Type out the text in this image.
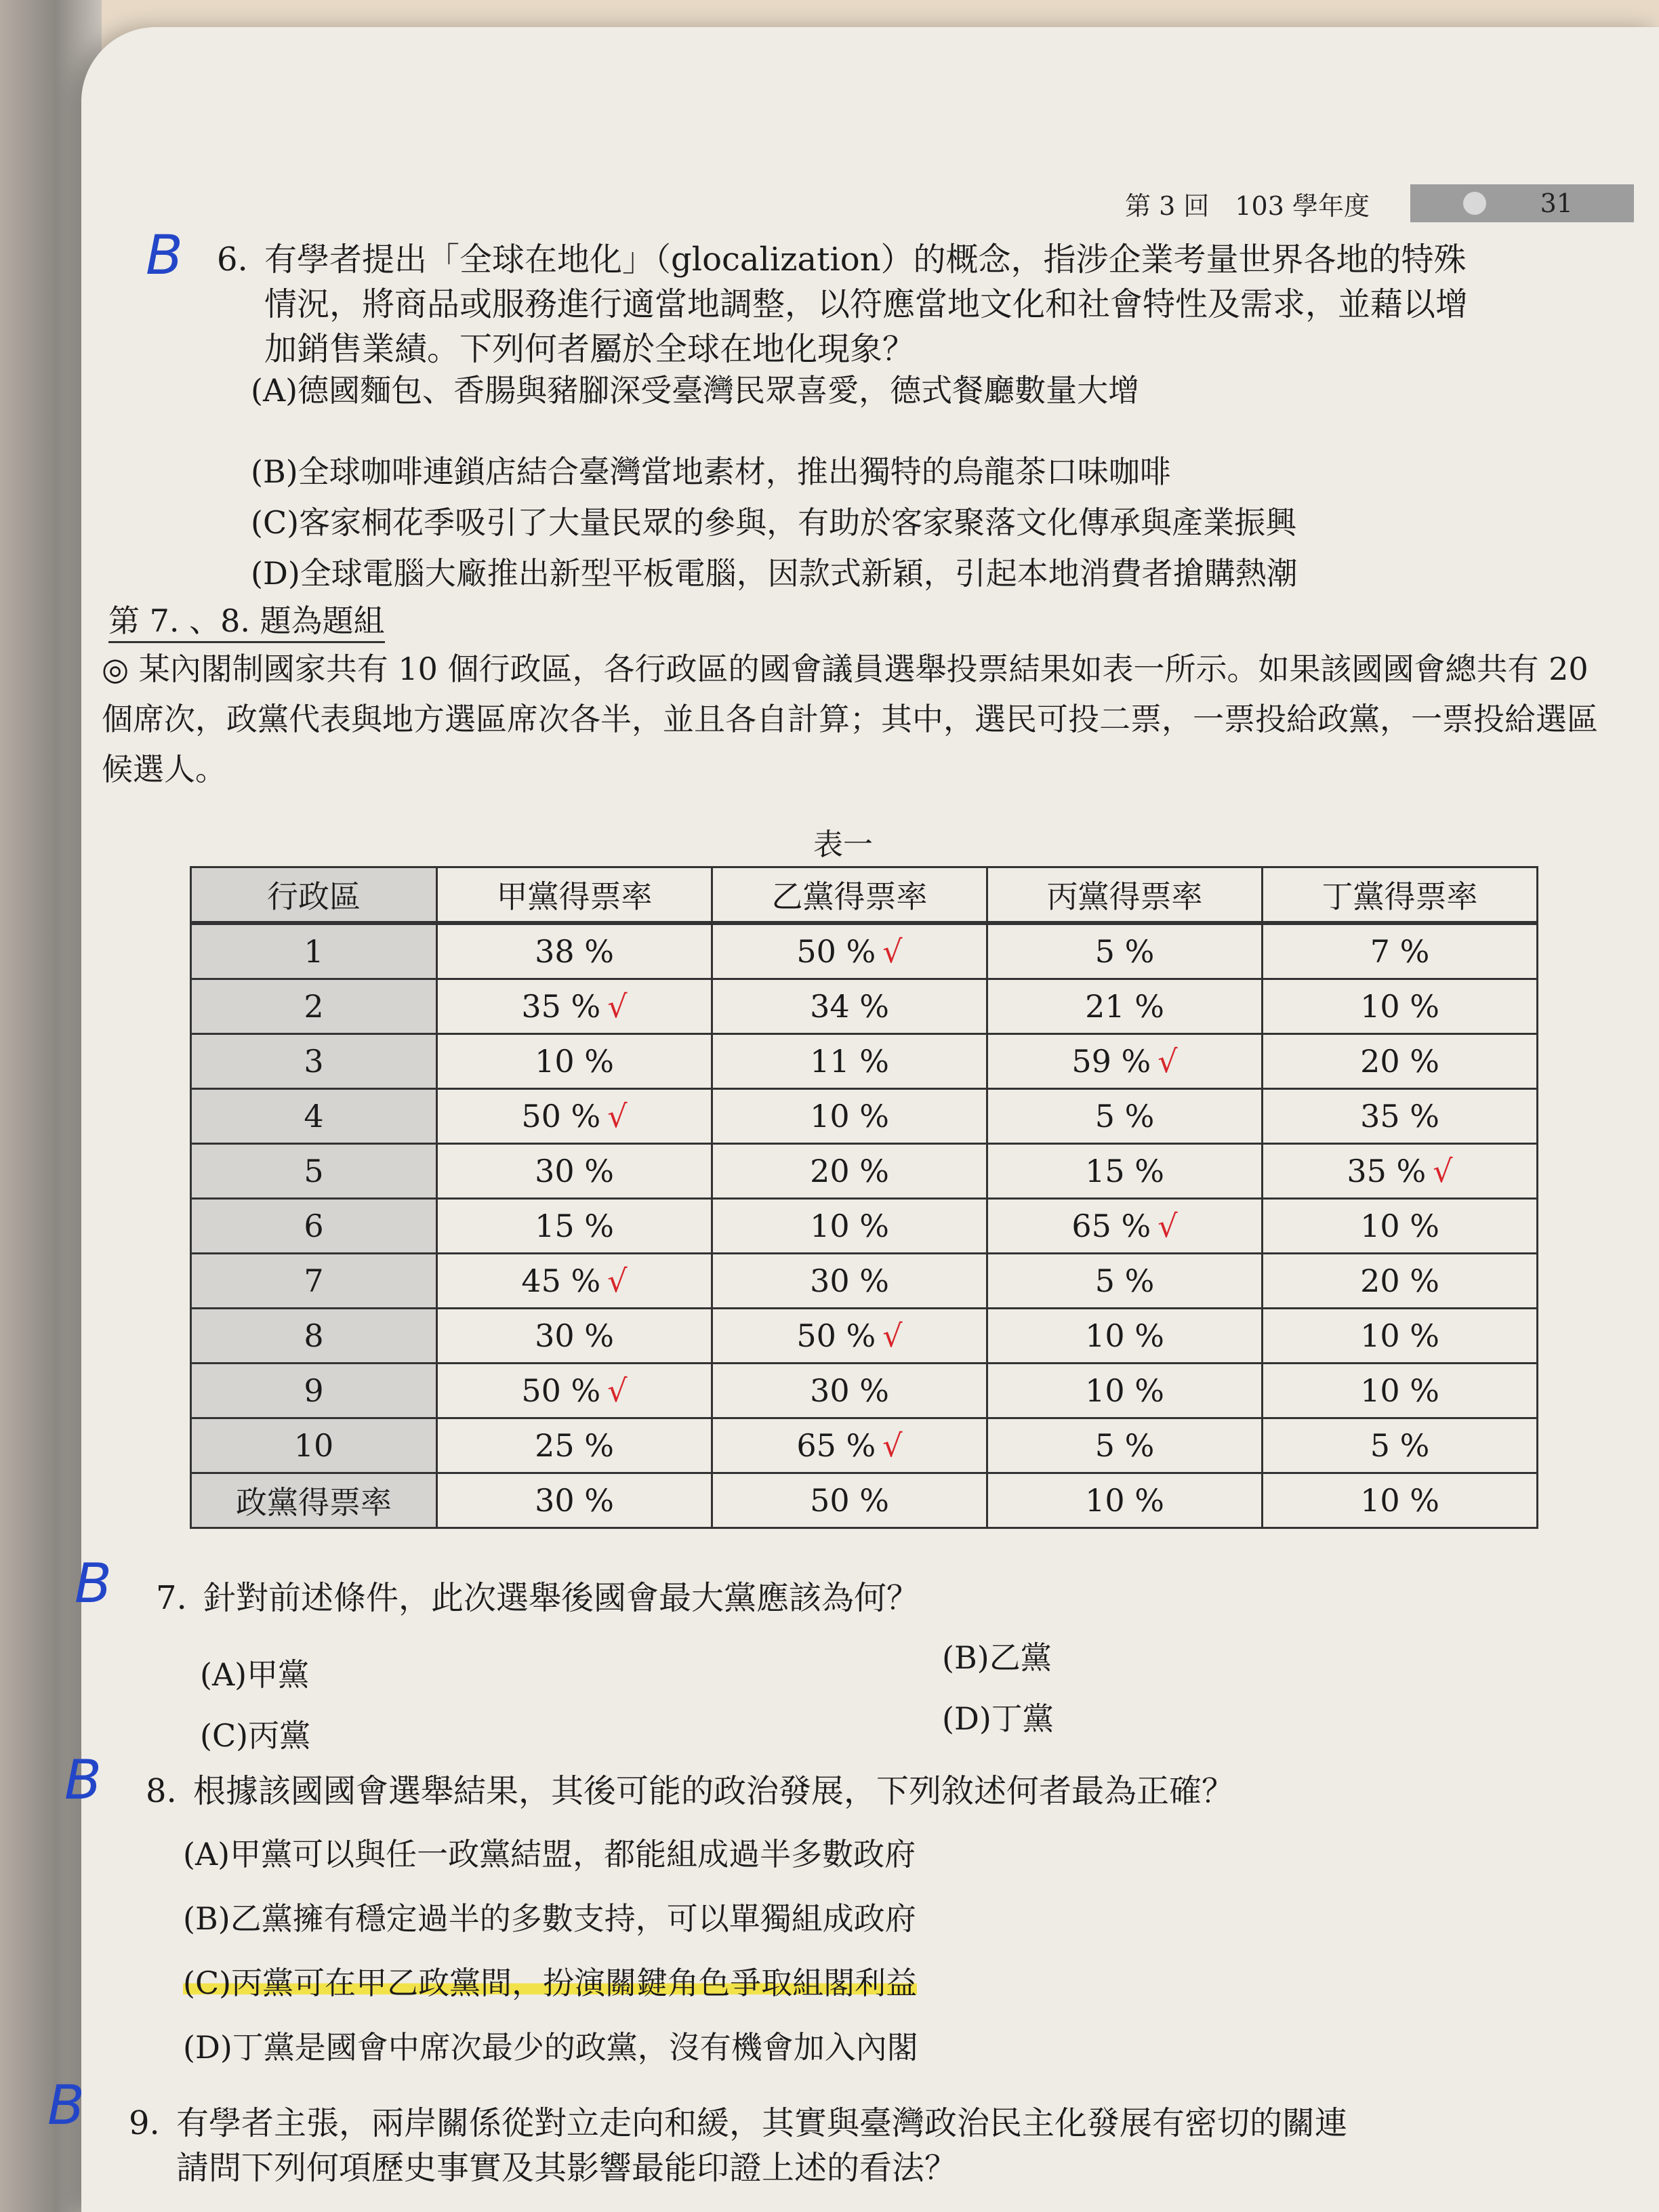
第 3 回　103 學年度	31
B 6. 有學者提出「全球在地化」（glocalization）的概念，指涉企業考量世界各地的特殊
情況，將商品或服務進行適當地調整，以符應當地文化和社會特性及需求，並藉以增
加銷售業績。下列何者屬於全球在地化現象？
(A)德國麵包、香腸與豬腳深受臺灣民眾喜愛，德式餐廳數量大增
(B)全球咖啡連鎖店結合臺灣當地素材，推出獨特的烏龍茶口味咖啡
(C)客家桐花季吸引了大量民眾的參與，有助於客家聚落文化傳承與產業振興
(D)全球電腦大廠推出新型平板電腦，因款式新穎，引起本地消費者搶購熱潮
第 7. 、8. 題為題組
◎ 某內閣制國家共有 10 個行政區，各行政區的國會議員選舉投票結果如表一所示。如果該國國會總共有 20 個席次，政黨代表與地方選區席次各半，並且各自計算；其中，選民可投二票，一票投給政黨，一票投給選區候選人。
表一
行政區	甲黨得票率	乙黨得票率	丙黨得票率	丁黨得票率
1	38 %	50 % √	5 %	7 %
2	35 % √	34 %	21 %	10 %
3	10 %	11 %	59 % √	20 %
4	50 % √	10 %	5 %	35 %
5	30 %	20 %	15 %	35 % √
6	15 %	10 %	65 % √	10 %
7	45 % √	30 %	5 %	20 %
8	30 %	50 % √	10 %	10 %
9	50 % √	30 %	10 %	10 %
10	25 %	65 % √	5 %	5 %
政黨得票率	30 %	50 %	10 %	10 %
B 7. 針對前述條件，此次選舉後國會最大黨應該為何？
(A)甲黨	(B)乙黨
(C)丙黨	(D)丁黨
B 8. 根據該國國會選舉結果，其後可能的政治發展，下列敘述何者最為正確？
(A)甲黨可以與任一政黨結盟，都能組成過半多數政府
(B)乙黨擁有穩定過半的多數支持，可以單獨組成政府
(C)丙黨可在甲乙政黨間，扮演關鍵角色爭取組閣利益
(D)丁黨是國會中席次最少的政黨，沒有機會加入內閣
B 9. 有學者主張，兩岸關係從對立走向和緩，其實與臺灣政治民主化發展有密切的關連
請問下列何項歷史事實及其影響最能印證上述的看法？
